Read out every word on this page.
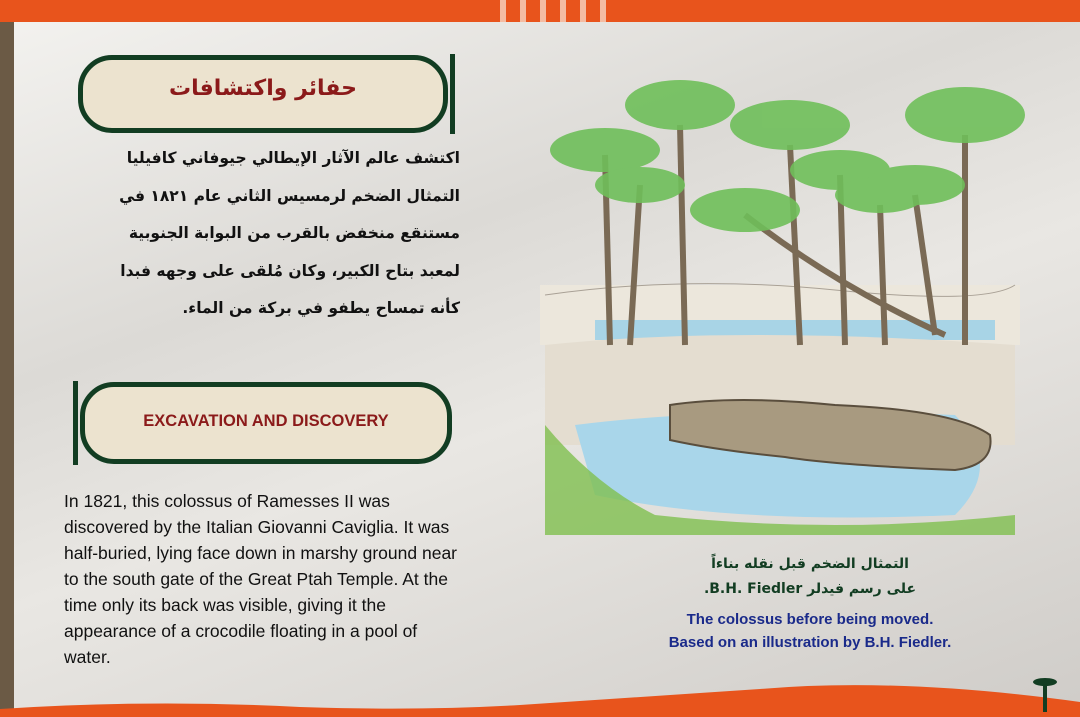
حفائر واكتشافات
اكتشف عالم الآثار الإيطالي جيوفاني كافيليا التمثال الضخم لرمسيس الثاني عام ١٨٢١ في مستنقع منخفض بالقرب من البوابة الجنوبية لمعبد بتاح الكبير، وكان مُلقى على وجهه فبدا كأنه تمساح يطفو في بركة من الماء.
EXCAVATION AND DISCOVERY
In 1821, this colossus of Ramesses II was discovered by the Italian Giovanni Caviglia. It was half-buried, lying face down in marshy ground near to the south gate of the Great Ptah Temple. At the time only its back was visible, giving it the appearance of a crocodile floating in a pool of water.
التمثال الضخم قبل نقله بناءاً
على رسم فيدلر B.H. Fiedler.
The colossus before being moved.
Based on an illustration by B.H. Fiedler.
